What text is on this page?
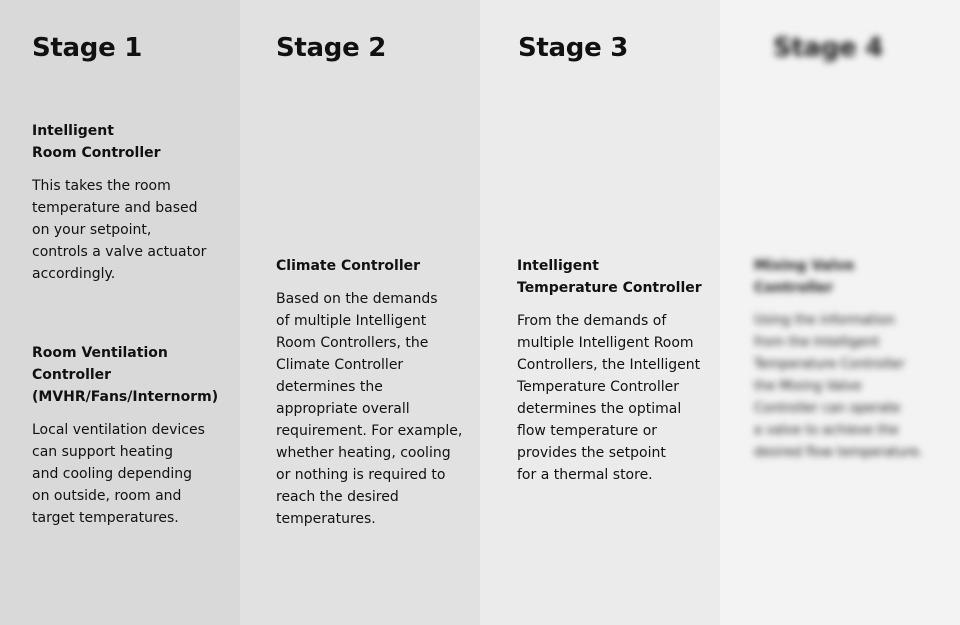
Stage 1

Intelligent
Room Controller

This takes the room
temperature and based
on your setpoint,
controls a valve actuator
accordingly.

Room Ventilation
Controller
(MVHR/Fans/Internorm)

Local ventilation devices
can support heating
and cooling depending
on outside, room and
target temperatures.

Stage 2

Climate Controller

Based on the demands
of multiple Intelligent
Room Controllers, the
Climate Controller
determines the
appropriate overall
requirement. For example,
whether heating, cooling
or nothing is required to
reach the desired
temperatures.

Stage 3

Intelligent
Temperature Controller

From the demands of
multiple Intelligent Room
Controllers, the Intelligent
Temperature Controller
determines the optimal
flow temperature or
provides the setpoint
for a thermal store.

Stage 4

Mixing Valve
Controller

Using the information
from the Intelligent
Temperature Controller
the Mixing Valve
Controller can operate
a valve to achieve the
desired flow temperature.
